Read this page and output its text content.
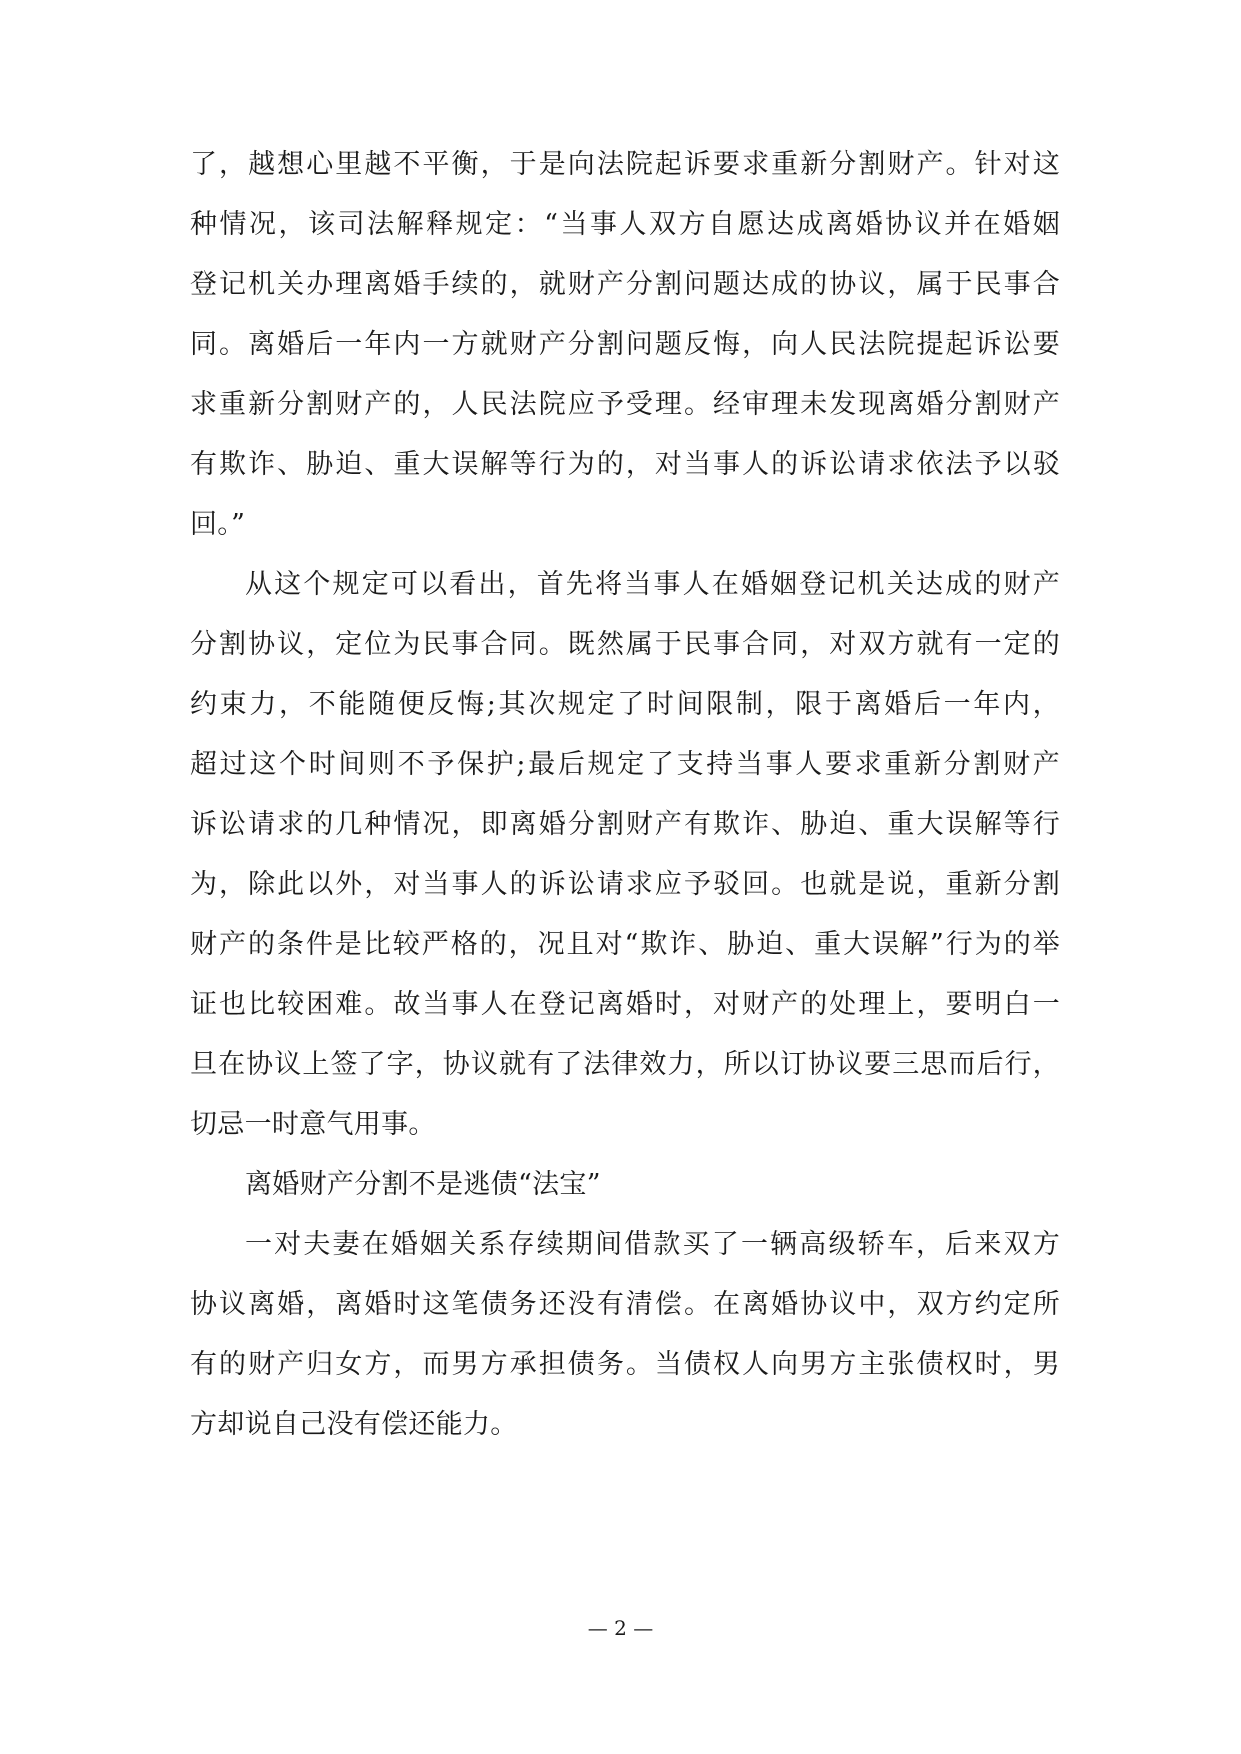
了，越想心里越不平衡，于是向法院起诉要求重新分割财产。针对这
种情况，该司法解释规定：“当事人双方自愿达成离婚协议并在婚姻
登记机关办理离婚手续的，就财产分割问题达成的协议，属于民事合
同。离婚后一年内一方就财产分割问题反悔，向人民法院提起诉讼要
求重新分割财产的，人民法院应予受理。经审理未发现离婚分割财产
有欺诈、胁迫、重大误解等行为的，对当事人的诉讼请求依法予以驳
回。”
从这个规定可以看出，首先将当事人在婚姻登记机关达成的财产
分割协议，定位为民事合同。既然属于民事合同，对双方就有一定的
约束力，不能随便反悔;其次规定了时间限制，限于离婚后一年内，
超过这个时间则不予保护;最后规定了支持当事人要求重新分割财产
诉讼请求的几种情况，即离婚分割财产有欺诈、胁迫、重大误解等行
为，除此以外，对当事人的诉讼请求应予驳回。也就是说，重新分割
财产的条件是比较严格的，况且对“欺诈、胁迫、重大误解”行为的举
证也比较困难。故当事人在登记离婚时，对财产的处理上，要明白一
旦在协议上签了字，协议就有了法律效力，所以订协议要三思而后行，
切忌一时意气用事。
离婚财产分割不是逃债“法宝”
一对夫妻在婚姻关系存续期间借款买了一辆高级轿车，后来双方
协议离婚，离婚时这笔债务还没有清偿。在离婚协议中，双方约定所
有的财产归女方，而男方承担债务。当债权人向男方主张债权时，男
方却说自己没有偿还能力。
— 2 —
